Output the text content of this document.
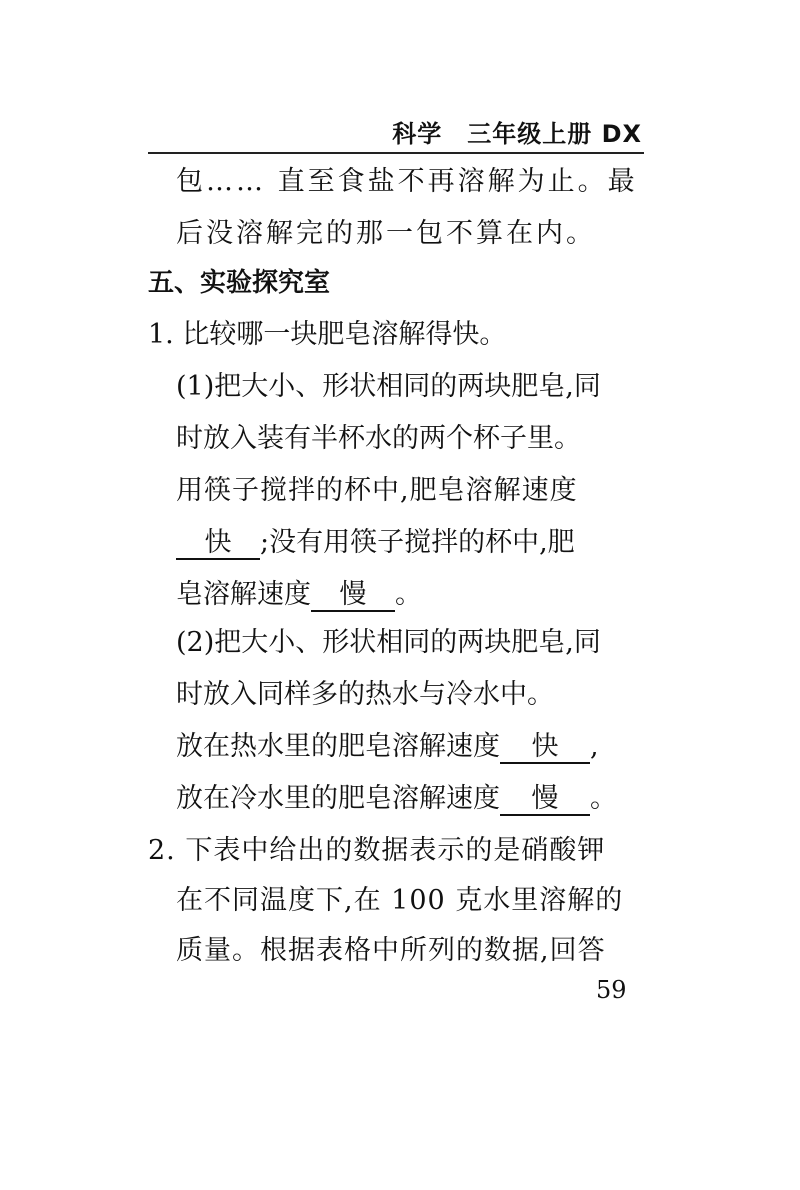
科学　三年级上册 DX
包…… 直至食盐不再溶解为止。最
后没溶解完的那一包不算在内。
五、实验探究室
1. 比较哪一块肥皂溶解得快。
(1)把大小、形状相同的两块肥皂,同
时放入装有半杯水的两个杯子里。
用筷子搅拌的杯中,肥皂溶解速度
快 ;没有用筷子搅拌的杯中,肥
皂溶解速度 慢 。
(2)把大小、形状相同的两块肥皂,同
时放入同样多的热水与冷水中。
放在热水里的肥皂溶解速度 快 ,
放在冷水里的肥皂溶解速度 慢 。
2. 下表中给出的数据表示的是硝酸钾
在不同温度下,在 100 克水里溶解的
质量。根据表格中所列的数据,回答
59
